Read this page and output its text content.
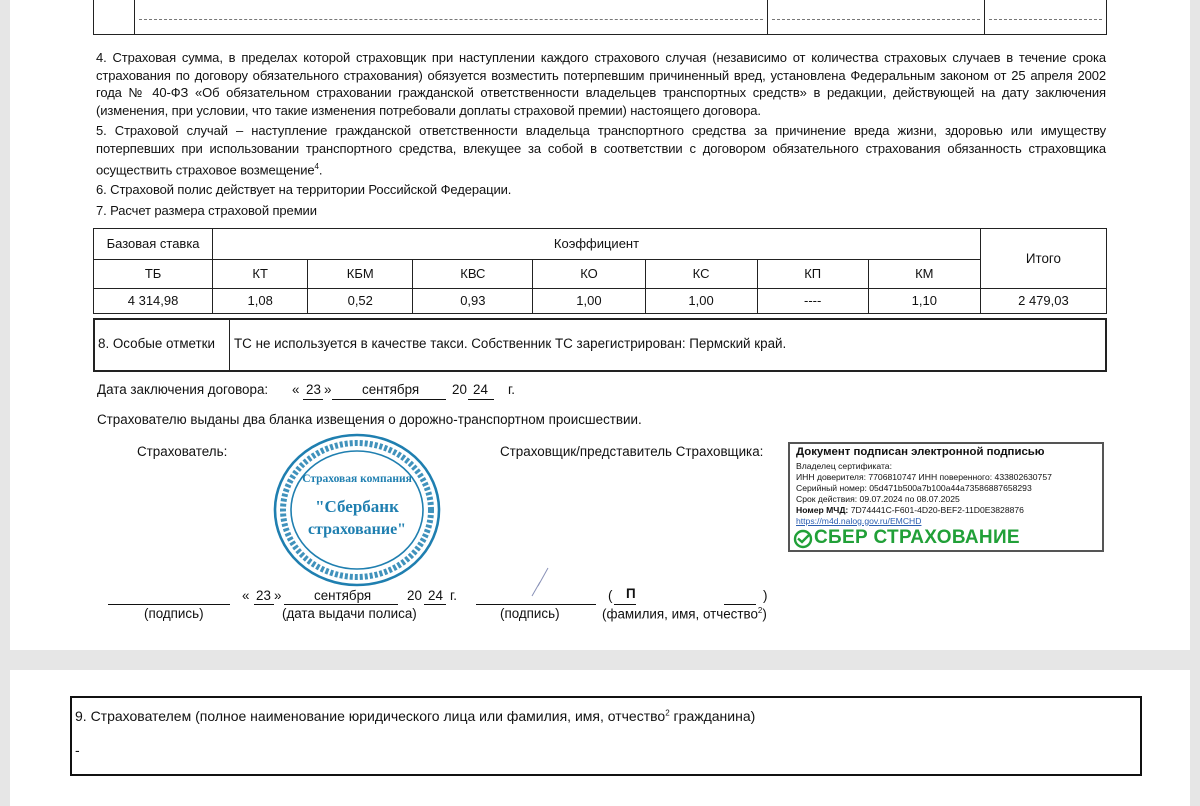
4. Страховая сумма, в пределах которой страховщик при наступлении каждого страхового случая (независимо от количества страховых случаев в течение срока страхования по договору обязательного страхования) обязуется возместить потерпевшим причиненный вред, установлена Федеральным законом от 25 апреля 2002 года № 40-ФЗ «Об обязательном страховании гражданской ответственности владельцев транспортных средств» в редакции, действующей на дату заключения (изменения, при условии, что такие изменения потребовали доплаты страховой премии) настоящего договора.

5. Страховой случай – наступление гражданской ответственности владельца транспортного средства за причинение вреда жизни, здоровью или имуществу потерпевших при использовании транспортного средства, влекущее за собой в соответствии с договором обязательного страхования обязанность страховщика осуществить страховое возмещение$^4$.

6. Страховой полис действует на территории Российской Федерации.

7. Расчет размера страховой премии

Базовая ставка	Коэффициент							Итого
ТБ	КТ	КБМ	КВС	КО	КС	КП	КМ	
4 314,98	1,08	0,52	0,93	1,00	1,00	----	1,10	2 479,03
8. Особые отметки ТС не используется в качестве такси. Собственник ТС зарегистрирован: Пермский край.
Дата заключения договора: « 23 » сентября 20 24 г.
Страхователю выданы два бланка извещения о дорожно-транспортном происшествии.
Страхователь:	Страховщик/представитель Страховщика:
Страховая компания
"Сбербанк
страхование"
Документ подписан электронной подписью
Владелец сертификата:
ИНН доверителя: 7706810747 ИНН поверенного: 433802630757
Серийный номер: 05d471b500a7b100a44a73586887658293
Срок действия: 09.07.2024 по 08.07.2025
Номер МЧД: 7D74441C-F601-4D20-BEF2-11D0E3828876
https://m4d.nalog.gov.ru/EMCHD
СБЕР СТРАХОВАНИЕ
(подпись)
« 23 » сентября	20 24 г.
(дата выдачи полиса)	(подпись)
( П	)
(фамилия, имя, отчество$^2$)
9. Страхователем (полное наименование юридического лица или фамилия, имя, отчество$^2$ гражданина)
-
